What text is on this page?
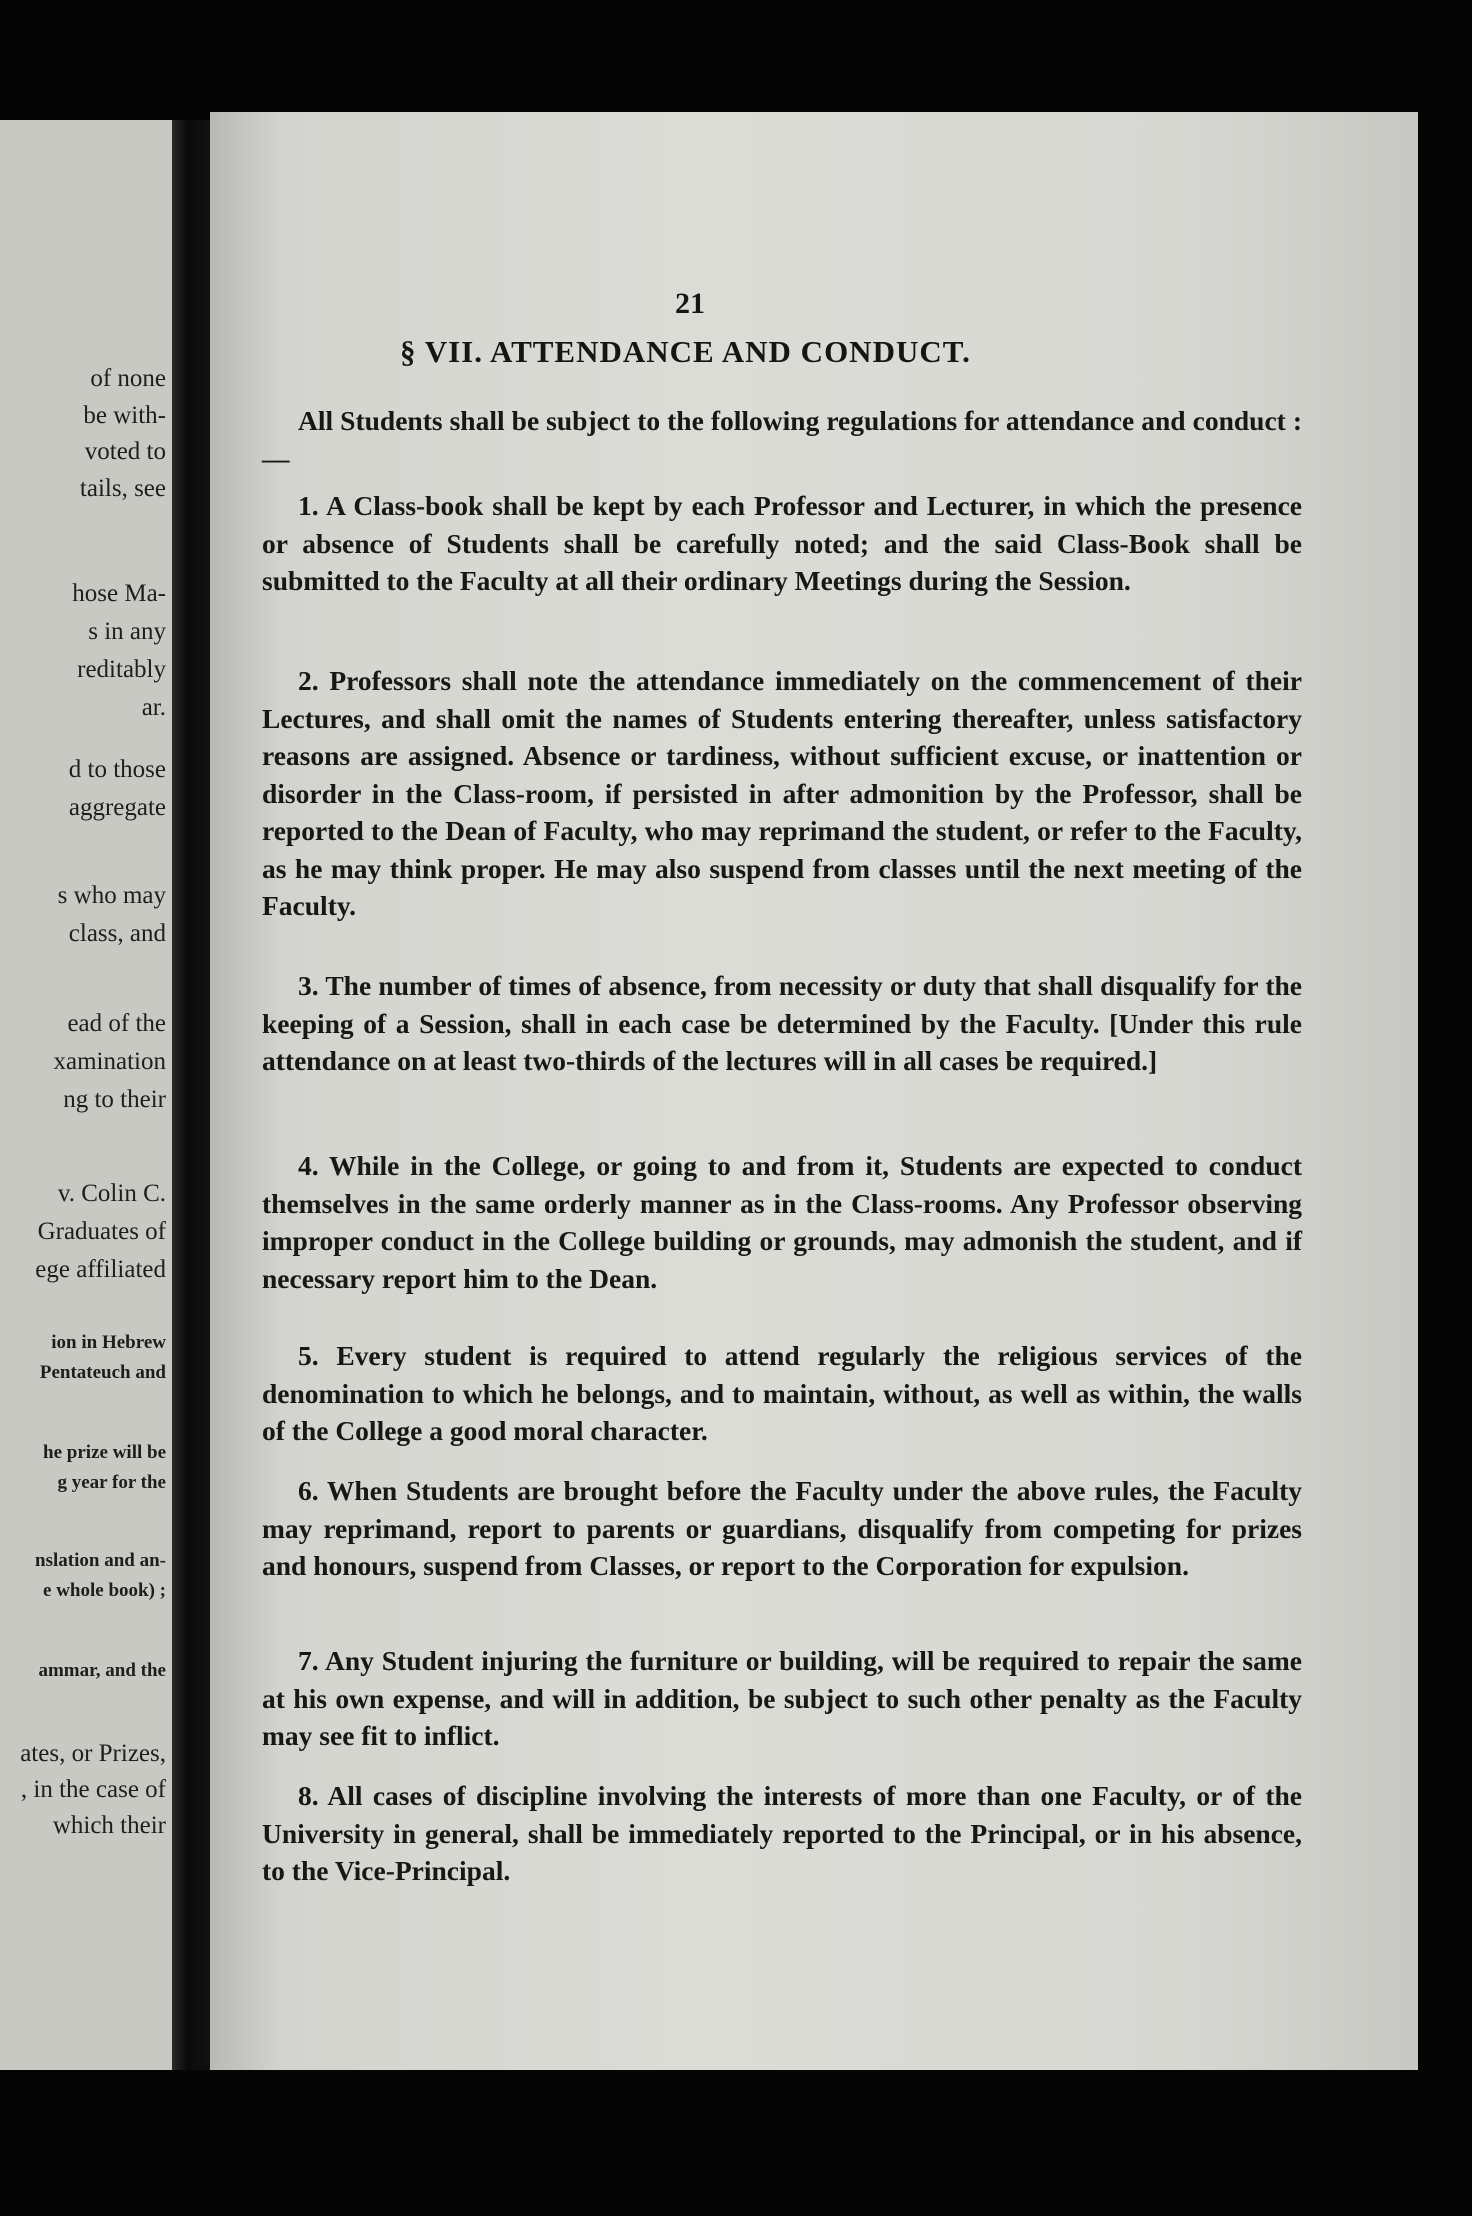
of none
be with-
voted to
tails, see
hose Ma-
s in any
reditably
ar.
d to those
aggregate
s who may
class, and
ead of the
xamination
ng to their
v. Colin C.
Graduates of
ege affiliated
ion in Hebrew
Pentateuch and
he prize will be
g year for the
nslation and an-
e whole book) ;
ammar, and the
ates, or Prizes,
, in the case of
which their
21
§ VII. ATTENDANCE AND CONDUCT.
All Students shall be subject to the following regulations for attendance and conduct :—
1. A Class-book shall be kept by each Professor and Lecturer, in which the presence or absence of Students shall be carefully noted; and the said Class-Book shall be submitted to the Faculty at all their ordinary Meetings during the Session.
2. Professors shall note the attendance immediately on the commencement of their Lectures, and shall omit the names of Students entering thereafter, unless satisfactory reasons are assigned. Absence or tardiness, without sufficient excuse, or inattention or disorder in the Class-room, if persisted in after admonition by the Professor, shall be reported to the Dean of Faculty, who may reprimand the student, or refer to the Faculty, as he may think proper. He may also suspend from classes until the next meeting of the Faculty.
3. The number of times of absence, from necessity or duty that shall disqualify for the keeping of a Session, shall in each case be determined by the Faculty. [Under this rule attendance on at least two-thirds of the lectures will in all cases be required.]
4. While in the College, or going to and from it, Students are expected to conduct themselves in the same orderly manner as in the Class-rooms. Any Professor observing improper conduct in the College building or grounds, may admonish the student, and if necessary report him to the Dean.
5. Every student is required to attend regularly the religious services of the denomination to which he belongs, and to maintain, without, as well as within, the walls of the College a good moral character.
6. When Students are brought before the Faculty under the above rules, the Faculty may reprimand, report to parents or guardians, disqualify from competing for prizes and honours, suspend from Classes, or report to the Corporation for expulsion.
7. Any Student injuring the furniture or building, will be required to repair the same at his own expense, and will in addition, be subject to such other penalty as the Faculty may see fit to inflict.
8. All cases of discipline involving the interests of more than one Faculty, or of the University in general, shall be immediately reported to the Principal, or in his absence, to the Vice-Principal.
